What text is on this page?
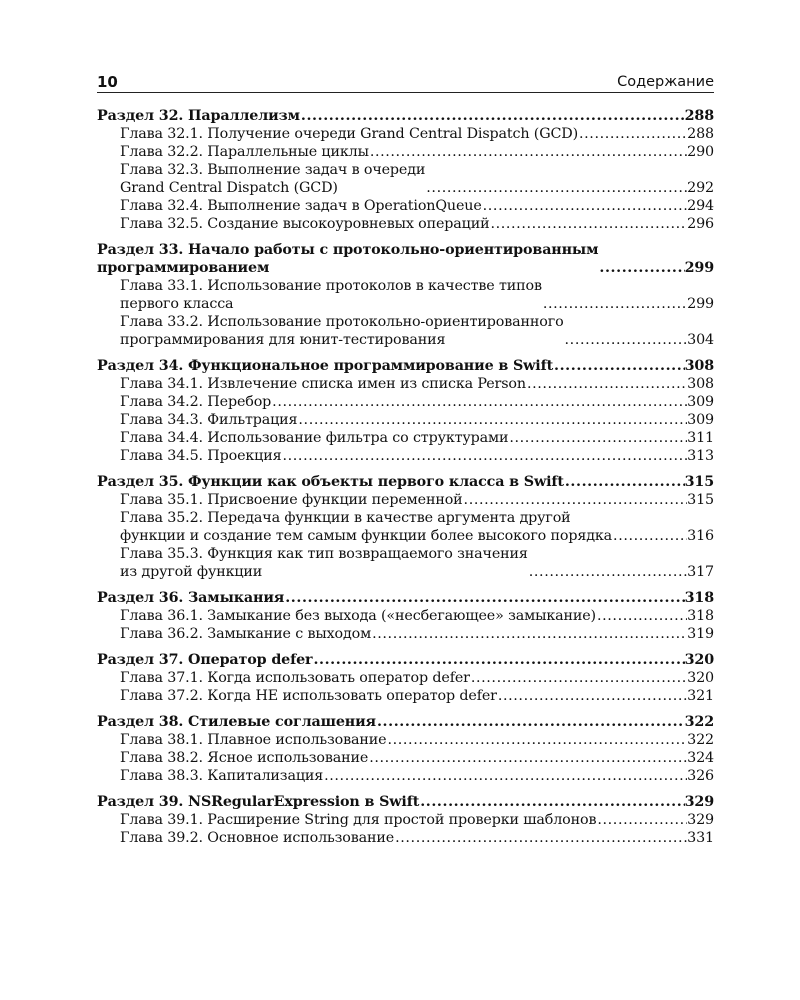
10	Содержание
Раздел 32. Параллелизм .....	288
Глава 32.1. Получение очереди Grand Central Dispatch (GCD) .....	288
Глава 32.2. Параллельные циклы .....	290
Глава 32.3. Выполнение задач в очереди
Grand Central Dispatch (GCD) .....	292
Глава 32.4. Выполнение задач в OperationQueue .....	294
Глава 32.5. Создание высокоуровневых операций .....	296
Раздел 33. Начало работы с протокольно-ориентированным
программированием .....	299
Глава 33.1. Использование протоколов в качестве типов
первого класса .....	299
Глава 33.2. Использование протокольно-ориентированного
программирования для юнит-тестирования .....	304
Раздел 34. Функциональное программирование в Swift .....	308
Глава 34.1. Извлечение списка имен из списка Person .....	308
Глава 34.2. Перебор .....	309
Глава 34.3. Фильтрация .....	309
Глава 34.4. Использование фильтра со структурами .....	311
Глава 34.5. Проекция .....	313
Раздел 35. Функции как объекты первого класса в Swift .....	315
Глава 35.1. Присвоение функции переменной .....	315
Глава 35.2. Передача функции в качестве аргумента другой
функции и создание тем самым функции более высокого порядка .....	316
Глава 35.3. Функция как тип возвращаемого значения
из другой функции .....	317
Раздел 36. Замыкания .....	318
Глава 36.1. Замыкание без выхода («несбегающее» замыкание) .....	318
Глава 36.2. Замыкание с выходом .....	319
Раздел 37. Оператор defer .....	320
Глава 37.1. Когда использовать оператор defer .....	320
Глава 37.2. Когда НЕ использовать оператор defer .....	321
Раздел 38. Стилевые соглашения .....	322
Глава 38.1. Плавное использование .....	322
Глава 38.2. Ясное использование .....	324
Глава 38.3. Капитализация .....	326
Раздел 39. NSRegularExpression в Swift .....	329
Глава 39.1. Расширение String для простой проверки шаблонов .....	329
Глава 39.2. Основное использование .....	331
